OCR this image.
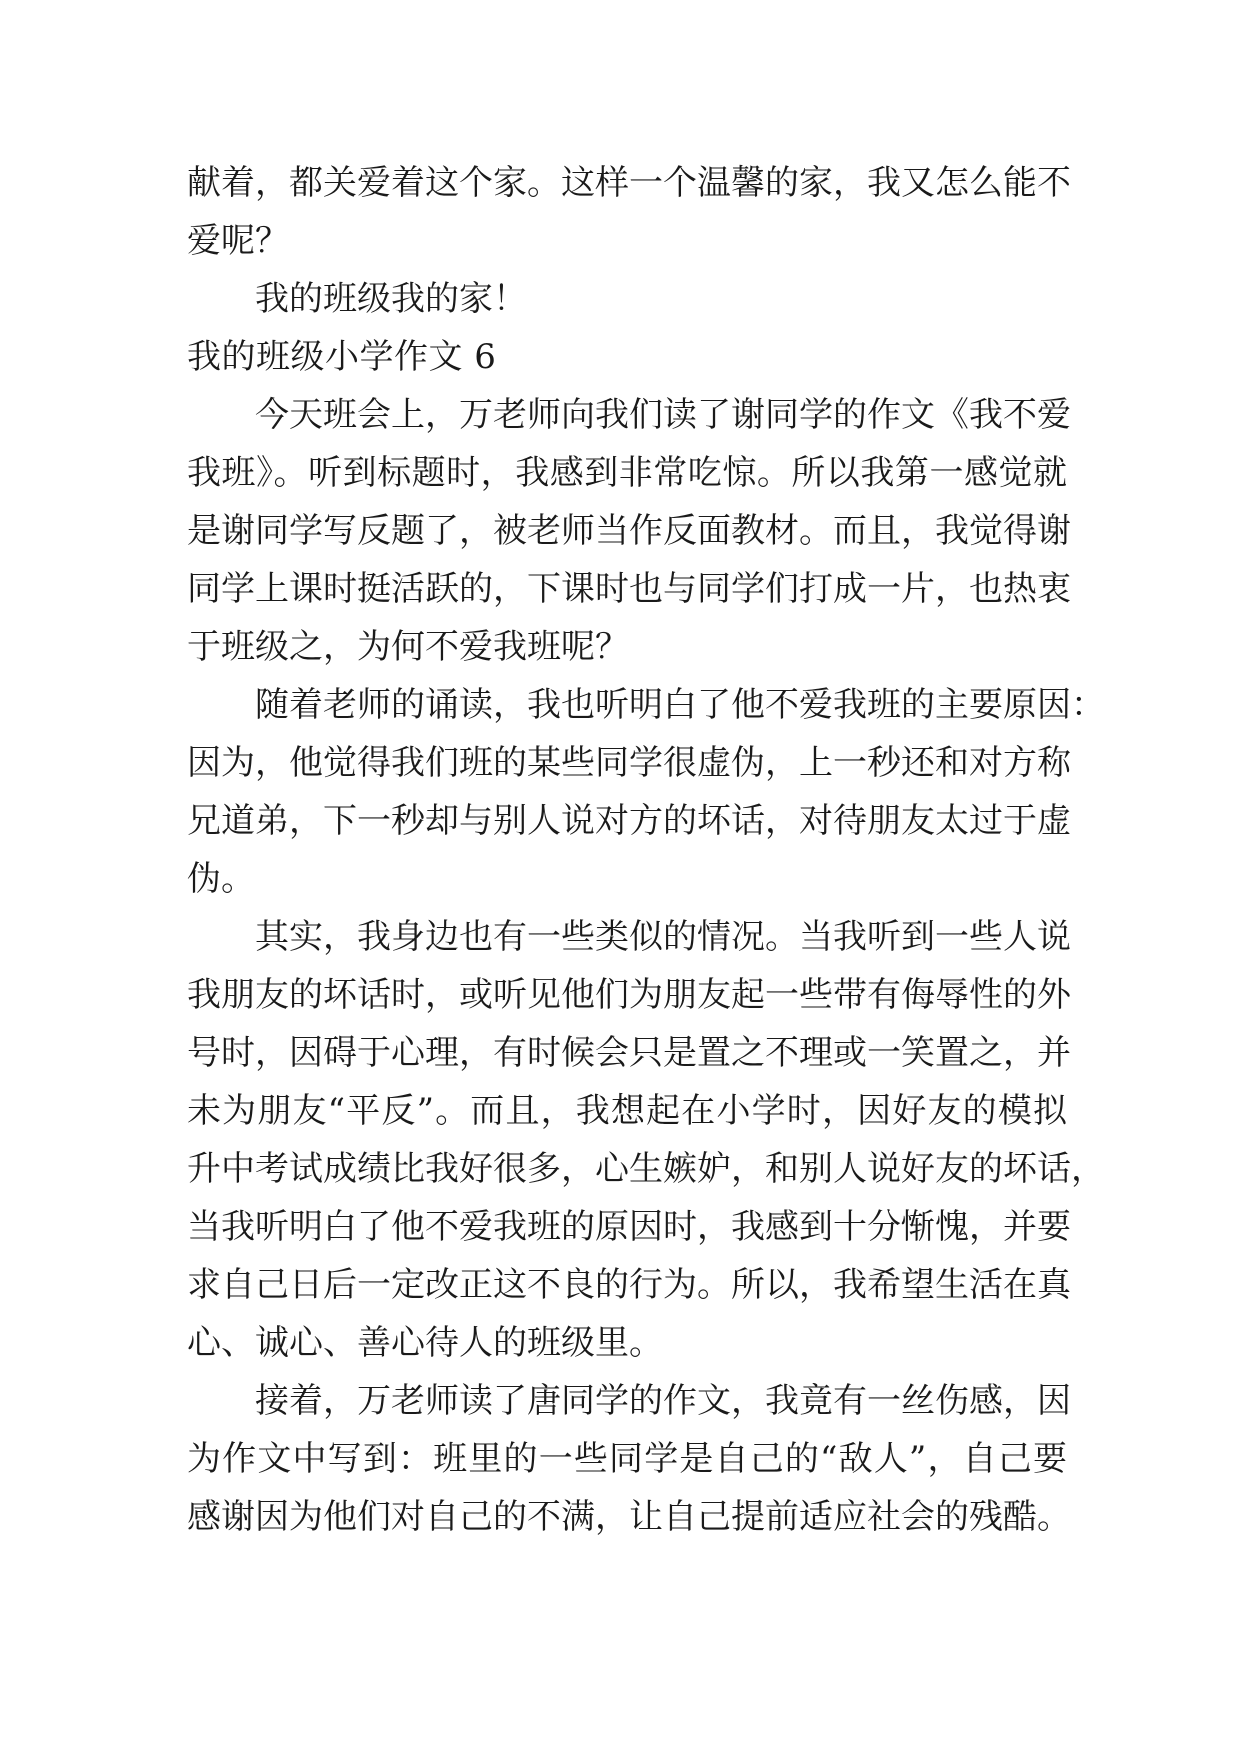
献着，都关爱着这个家。这样一个温馨的家，我又怎么能不

爱呢？

我的班级我的家！

我的班级小学作文 6

今天班会上，万老师向我们读了谢同学的作文《我不爱

我班》。听到标题时，我感到非常吃惊。所以我第一感觉就

是谢同学写反题了，被老师当作反面教材。而且，我觉得谢

同学上课时挺活跃的，下课时也与同学们打成一片，也热衷

于班级之，为何不爱我班呢？

随着老师的诵读，我也听明白了他不爱我班的主要原因：

因为，他觉得我们班的某些同学很虚伪，上一秒还和对方称

兄道弟，下一秒却与别人说对方的坏话，对待朋友太过于虚

伪。

其实，我身边也有一些类似的情况。当我听到一些人说

我朋友的坏话时，或听见他们为朋友起一些带有侮辱性的外

号时，因碍于心理，有时候会只是置之不理或一笑置之，并

未为朋友“平反”。而且，我想起在小学时，因好友的模拟

升中考试成绩比我好很多，心生嫉妒，和别人说好友的坏话，

当我听明白了他不爱我班的原因时，我感到十分惭愧，并要

求自己日后一定改正这不良的行为。所以，我希望生活在真

心、诚心、善心待人的班级里。

接着，万老师读了唐同学的作文，我竟有一丝伤感，因

为作文中写到：班里的一些同学是自己的“敌人”，自己要

感谢因为他们对自己的不满，让自己提前适应社会的残酷。
